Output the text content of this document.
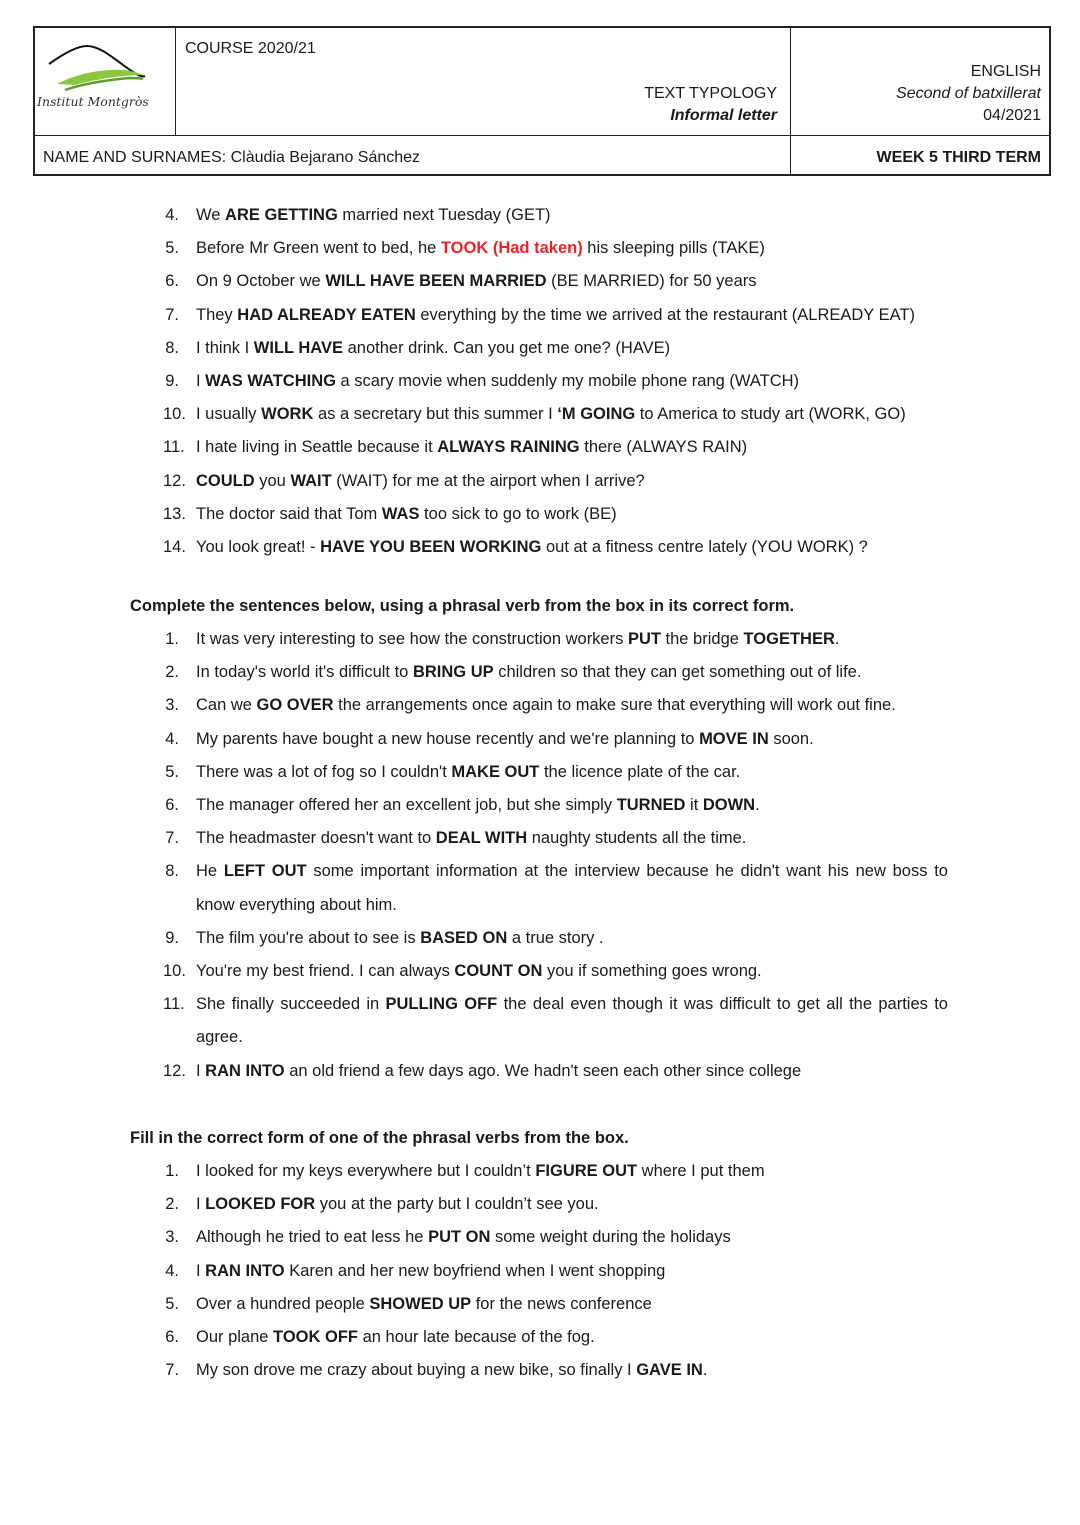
Institut Montgròs
COURSE 2020/21
TEXT TYPOLOGY
Informal letter
ENGLISH
Second of batxillerat
04/2021
NAME AND SURNAMES: Clàudia Bejarano Sánchez	WEEK 5 THIRD TERM
4. We ARE GETTING married next Tuesday (GET)
5. Before Mr Green went to bed, he TOOK (Had taken) his sleeping pills (TAKE)
6. On 9 October we WILL HAVE BEEN MARRIED (BE MARRIED) for 50 years
7. They HAD ALREADY EATEN everything by the time we arrived at the restaurant (ALREADY EAT)
8. I think I WILL HAVE another drink. Can you get me one? (HAVE)
9. I WAS WATCHING a scary movie when suddenly my mobile phone rang (WATCH)
10. I usually WORK as a secretary but this summer I ‘M GOING to America to study art (WORK, GO)
11. I hate living in Seattle because it ALWAYS RAINING there (ALWAYS RAIN)
12. COULD you WAIT (WAIT) for me at the airport when I arrive?
13. The doctor said that Tom WAS too sick to go to work (BE)
14. You look great! - HAVE YOU BEEN WORKING out at a fitness centre lately (YOU WORK) ?
Complete the sentences below, using a phrasal verb from the box in its correct form.
1. It was very interesting to see how the construction workers PUT the bridge TOGETHER.
2. In today's world it's difficult to BRING UP children so that they can get something out of life.
3. Can we GO OVER the arrangements once again to make sure that everything will work out fine.
4. My parents have bought a new house recently and we're planning to MOVE IN soon.
5. There was a lot of fog so I couldn't MAKE OUT the licence plate of the car.
6. The manager offered her an excellent job, but she simply TURNED it DOWN.
7. The headmaster doesn't want to DEAL WITH naughty students all the time.
8. He LEFT OUT some important information at the interview because he didn't want his new boss to
know everything about him.
9. The film you're about to see is BASED ON a true story .
10. You're my best friend. I can always COUNT ON you if something goes wrong.
11. She finally succeeded in PULLING OFF the deal even though it was difficult to get all the parties to
agree.
12. I RAN INTO an old friend a few days ago. We hadn't seen each other since college
Fill in the correct form of one of the phrasal verbs from the box.
1. I looked for my keys everywhere but I couldn’t FIGURE OUT where I put them
2. I LOOKED FOR you at the party but I couldn’t see you.
3. Although he tried to eat less he PUT ON some weight during the holidays
4. I RAN INTO Karen and her new boyfriend when I went shopping
5. Over a hundred people SHOWED UP for the news conference
6. Our plane TOOK OFF an hour late because of the fog.
7. My son drove me crazy about buying a new bike, so finally I GAVE IN.
